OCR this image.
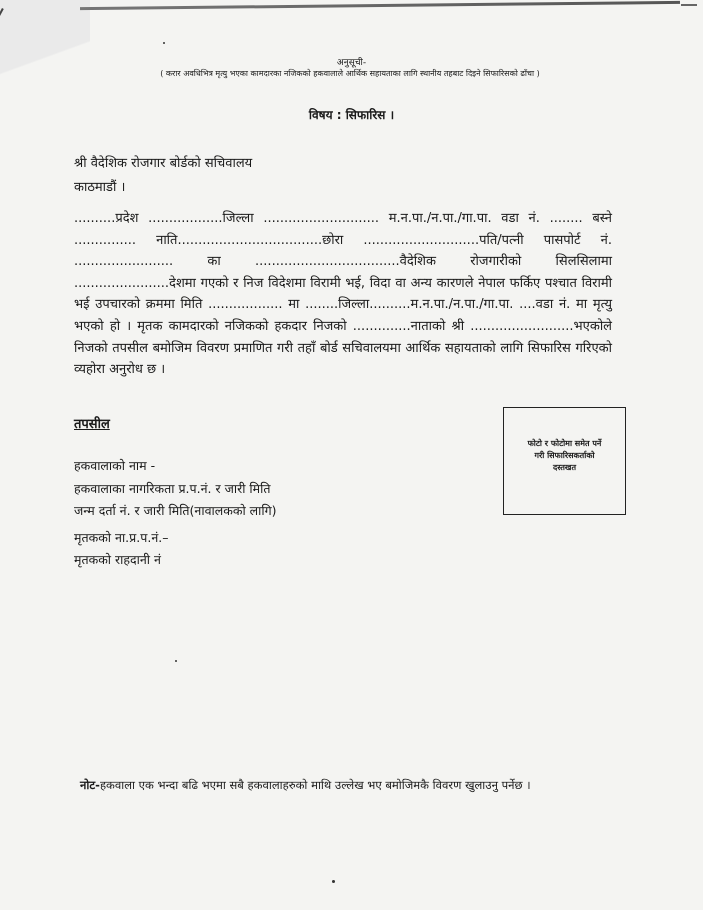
अनुसूची-
( करार अवधिभित्र मृत्यु भएका कामदारका नजिकको हकवालाले आर्थिक सहायताका लागि स्थानीय तहबाट दिइने सिफारिसको ढाँचा )
विषय : सिफारिस ।
श्री वैदेशिक रोजगार बोर्डको सचिवालय
काठमाडौं ।

..........प्रदेश ..................जिल्ला ............................ म.न.पा./न.पा./गा.पा. वडा नं. ........ बस्ने ............... नाति...................................छोरा ............................पति/पत्नी पासपोर्ट नं. ........................ का ...................................वैदेशिक रोजगारीको सिलसिलामा .......................देशमा गएको र निज विदेशमा विरामी भई, विदा वा अन्य कारणले नेपाल फर्किए पश्चात विरामी भई उपचारको क्रममा मिति .................. मा ........जिल्ला..........म.न.पा./न.पा./गा.पा. ....वडा नं. मा मृत्यु भएको हो । मृतक कामदारको नजिकको हकदार निजको ..............नाताको श्री .........................भएकोले निजको तपसील बमोजिम विवरण प्रमाणित गरी तहाँ बोर्ड सचिवालयमा आर्थिक सहायताको लागि सिफारिस गरिएको व्यहोरा अनुरोध छ ।

तपसील
फोटो र फोटोमा समेत पर्ने
गरी सिफारिसकर्ताको
दस्तखत
हकवालाको नाम -
हकवालाका नागरिकता प्र.प.नं. र जारी मिति
जन्म दर्ता नं. र जारी मिति(नावालकको लागि)
मृतकको ना.प्र.प.नं.–
मृतकको राहदानी नं
नोट-हकवाला एक भन्दा बढि भएमा सबै हकवालाहरुको माथि उल्लेख भए बमोजिमकै विवरण खुलाउनु पर्नेछ ।
